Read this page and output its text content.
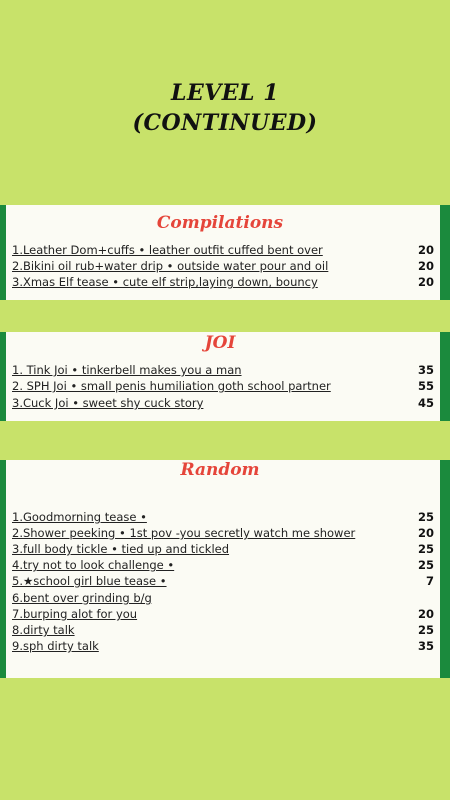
LEVEL 1
(CONTINUED)
Compilations
1.Leather Dom+cuffs • leather outfit cuffed bent over	20
2.Bikini oil rub+water drip • outside water pour and oil	20
3.Xmas Elf tease • cute elf strip,laying down, bouncy	20
JOI
1. Tink Joi • tinkerbell makes you a man	35
2. SPH Joi • small penis humiliation goth school partner	55
3.Cuck Joi • sweet shy cuck story	45
Random
1.Goodmorning tease •	25
2.Shower peeking • 1st pov -you secretly watch me shower	20
3.full body tickle • tied up and tickled	25
4.try not to look challenge •	25
5.★school girl blue tease •	7
6.bent over grinding b/g
7.burping alot for you	20
8.dirty talk	25
9.sph dirty talk	35
